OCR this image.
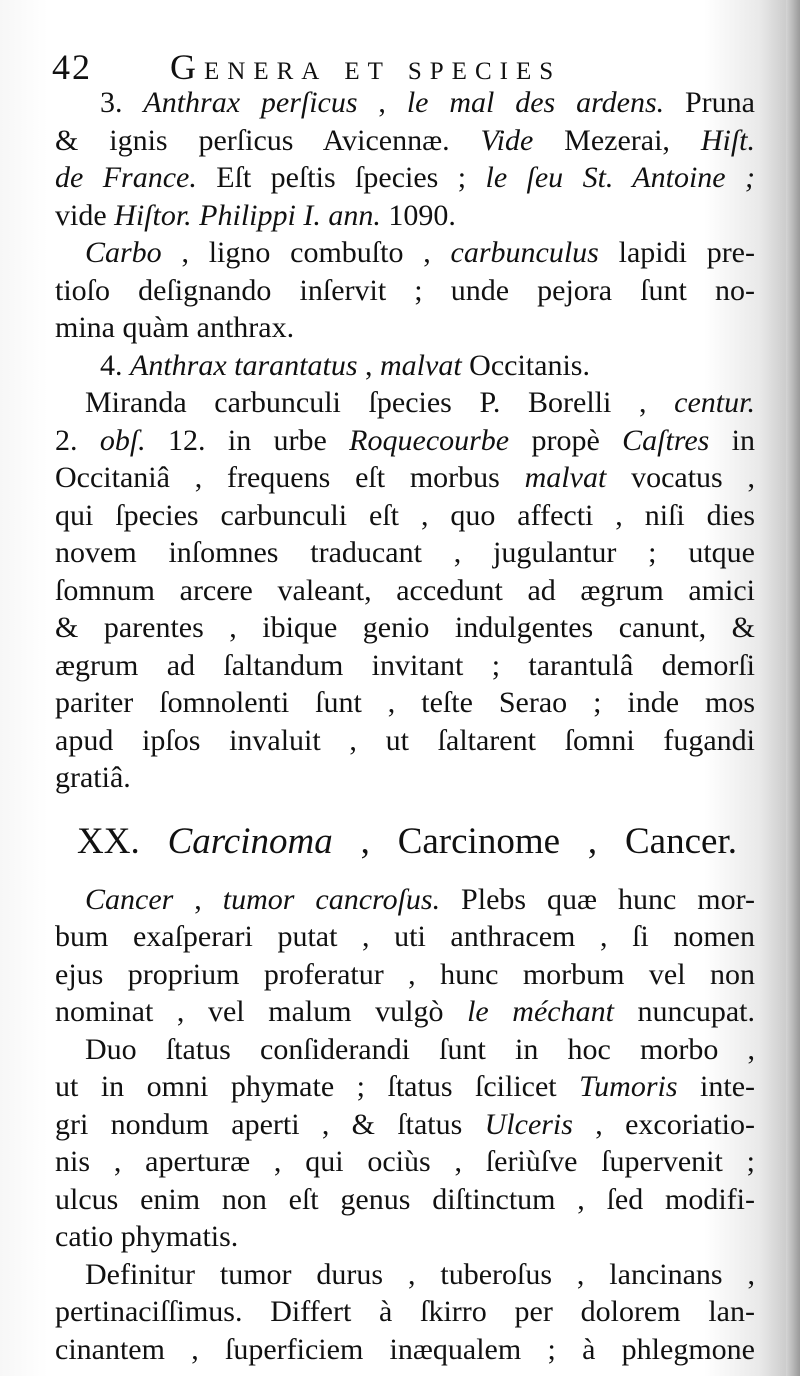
42 Genera et species
3. Anthrax perſicus , le mal des ardens. Pruna
& ignis perſicus Avicennæ. Vide Mezerai, Hiſt.
de France. Eſt peſtis ſpecies ; le ſeu St. Antoine ;
vide Hiſtor. Philippi I. ann. 1090.
Carbo , ligno combuſto , carbunculus lapidi pre-
tioſo deſignando inſervit ; unde pejora ſunt no-
mina quàm anthrax.
4. Anthrax tarantatus , malvat Occitanis.
Miranda carbunculi ſpecies P. Borelli , centur.
2. obſ. 12. in urbe Roquecourbe propè Caſtres in
Occitaniâ , frequens eſt morbus malvat vocatus ,
qui ſpecies carbunculi eſt , quo affecti , niſi dies
novem inſomnes traducant , jugulantur ; utque
ſomnum arcere valeant, accedunt ad ægrum amici
& parentes , ibique genio indulgentes canunt, &
ægrum ad ſaltandum invitant ; tarantulâ demorſi
pariter ſomnolenti ſunt , teſte Serao ; inde mos
apud ipſos invaluit , ut ſaltarent ſomni fugandi
gratiâ.
XX. Carcinoma , Carcinome , Cancer.
Cancer , tumor cancroſus. Plebs quæ hunc mor-
bum exaſperari putat , uti anthracem , ſi nomen
ejus proprium proferatur , hunc morbum vel non
nominat , vel malum vulgò le méchant nuncupat.
Duo ſtatus conſiderandi ſunt in hoc morbo ,
ut in omni phymate ; ſtatus ſcilicet Tumoris inte-
gri nondum aperti , & ſtatus Ulceris , excoriatio-
nis , aperturæ , qui ociùs , ſeriùſve ſupervenit ;
ulcus enim non eſt genus diſtinctum , ſed modifi-
catio phymatis.
Definitur tumor durus , tuberoſus , lancinans ,
pertinaciſſimus. Differt à ſkirro per dolorem lan-
cinantem , ſuperficiem inæqualem ; à phlegmone
